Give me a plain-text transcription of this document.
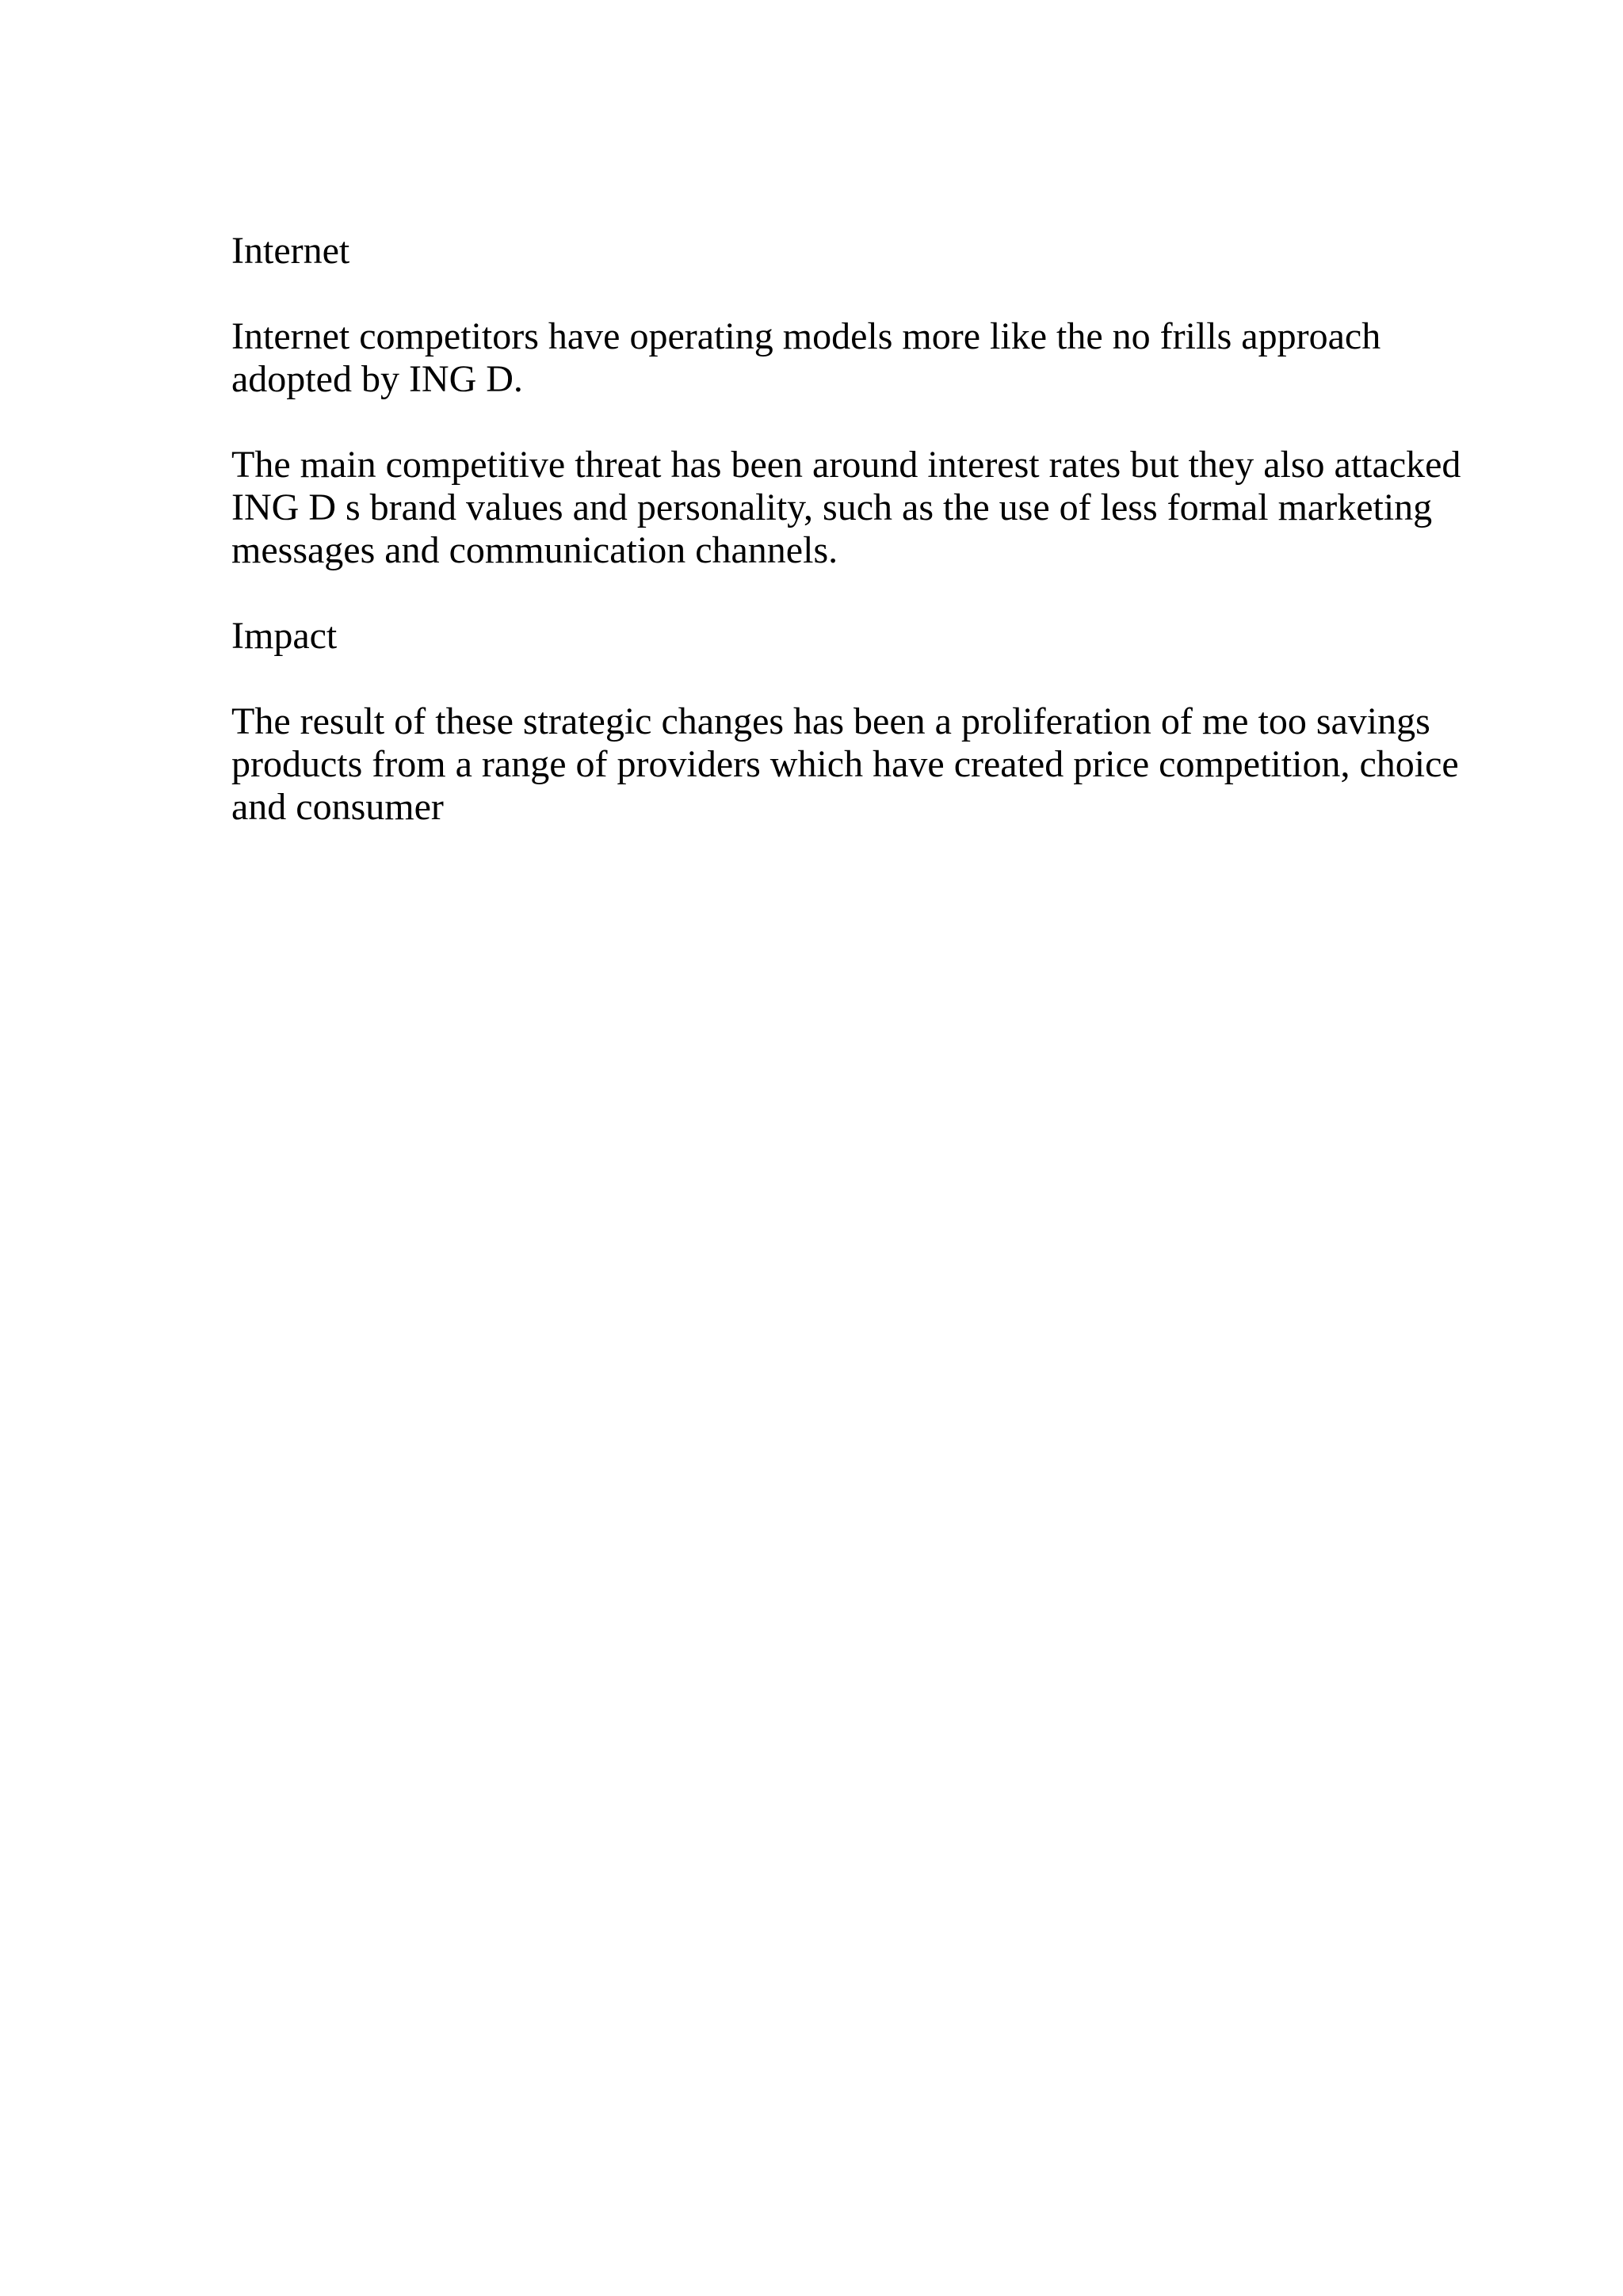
Internet

Internet competitors have operating models more like the no frills approach adopted by ING D.

The main competitive threat has been around interest rates but they also attacked ING D s brand values and personality, such as the use of less formal marketing messages and communication channels.

Impact

The result of these strategic changes has been a proliferation of me too savings products from a range of providers which have created price competition, choice and consumer
